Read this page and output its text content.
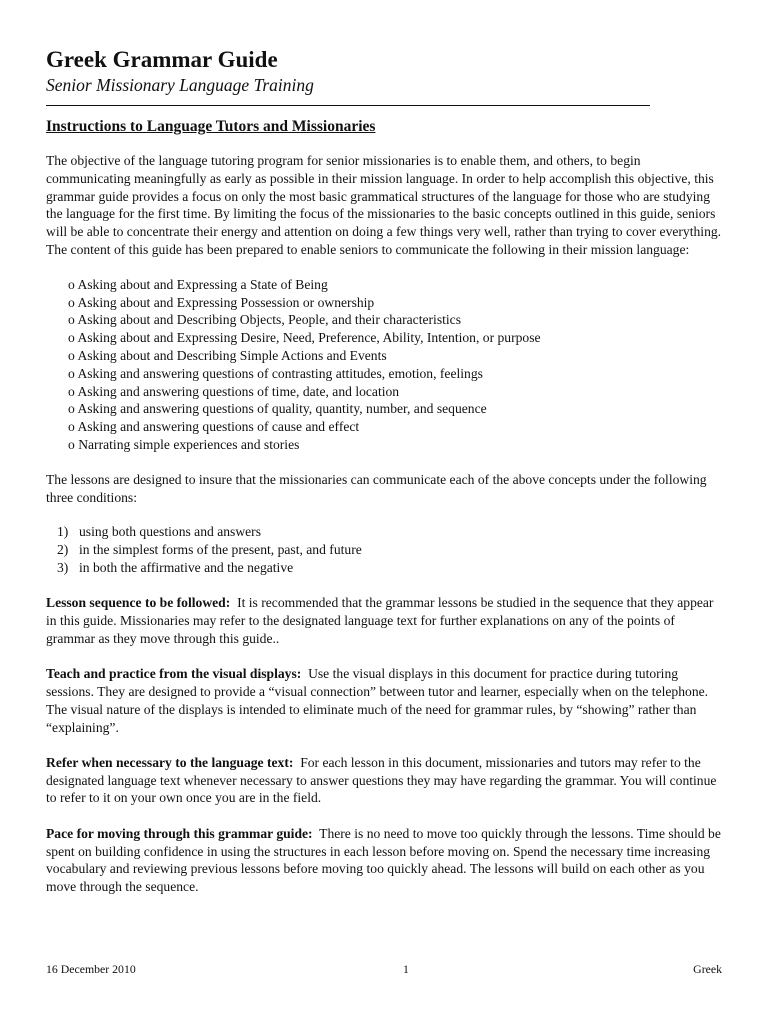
Greek Grammar Guide
Senior Missionary Language Training
Instructions to Language Tutors and Missionaries

The objective of the language tutoring program for senior missionaries is to enable them, and others, to begin communicating meaningfully as early as possible in their mission language. In order to help accomplish this objective, this grammar guide provides a focus on only the most basic grammatical structures of the language for those who are studying the language for the first time. By limiting the focus of the missionaries to the basic concepts outlined in this guide, seniors will be able to concentrate their energy and attention on doing a few things very well, rather than trying to cover everything. The content of this guide has been prepared to enable seniors to communicate the following in their mission language:

o Asking about and Expressing a State of Being
o Asking about and Expressing Possession or ownership
o Asking about and Describing Objects, People, and their characteristics
o Asking about and Expressing Desire, Need, Preference, Ability, Intention, or purpose
o Asking about and Describing Simple Actions and Events
o Asking and answering questions of contrasting attitudes, emotion, feelings
o Asking and answering questions of time, date, and location
o Asking and answering questions of quality, quantity, number, and sequence
o Asking and answering questions of cause and effect
o Narrating simple experiences and stories

The lessons are designed to insure that the missionaries can communicate each of the above concepts under the following three conditions:

1) using both questions and answers
2) in the simplest forms of the present, past, and future
3) in both the affirmative and the negative

Lesson sequence to be followed: It is recommended that the grammar lessons be studied in the sequence that they appear in this guide. Missionaries may refer to the designated language text for further explanations on any of the points of grammar as they move through this guide..

Teach and practice from the visual displays: Use the visual displays in this document for practice during tutoring sessions. They are designed to provide a “visual connection” between tutor and learner, especially when on the telephone. The visual nature of the displays is intended to eliminate much of the need for grammar rules, by “showing” rather than “explaining”.

Refer when necessary to the language text: For each lesson in this document, missionaries and tutors may refer to the designated language text whenever necessary to answer questions they may have regarding the grammar. You will continue to refer to it on your own once you are in the field.

Pace for moving through this grammar guide: There is no need to move too quickly through the lessons. Time should be spent on building confidence in using the structures in each lesson before moving on. Spend the necessary time increasing vocabulary and reviewing previous lessons before moving too quickly ahead. The lessons will build on each other as you move through the sequence.

16 December 2010	1	Greek
